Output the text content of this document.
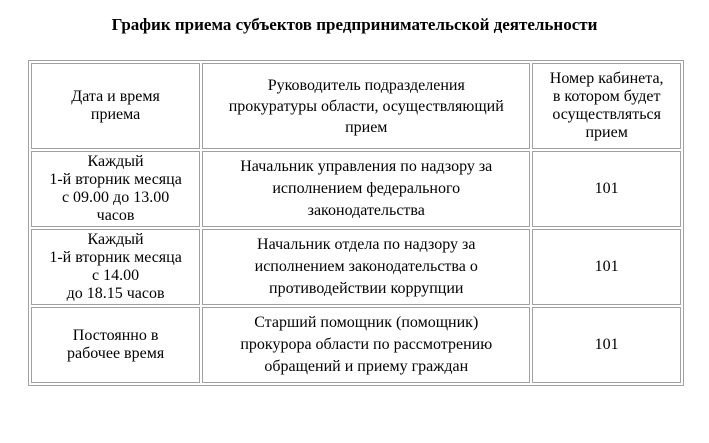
График приема субъектов предпринимательской деятельности
Дата и время
приема	Руководитель подразделения
прокуратуры области, осуществляющий
прием	Номер кабинета,
в котором будет
осуществляться
прием
Каждый
1-й вторник месяца
с 09.00 до 13.00
часов	Начальник управления по надзору за
исполнением федерального
законодательства	101
Каждый
1-й вторник месяца
с 14.00
до 18.15 часов	Начальник отдела по надзору за
исполнением законодательства о
противодействии коррупции	101
Постоянно в
рабочее время	Старший помощник (помощник)
прокурора области по рассмотрению
обращений и приему граждан	101
